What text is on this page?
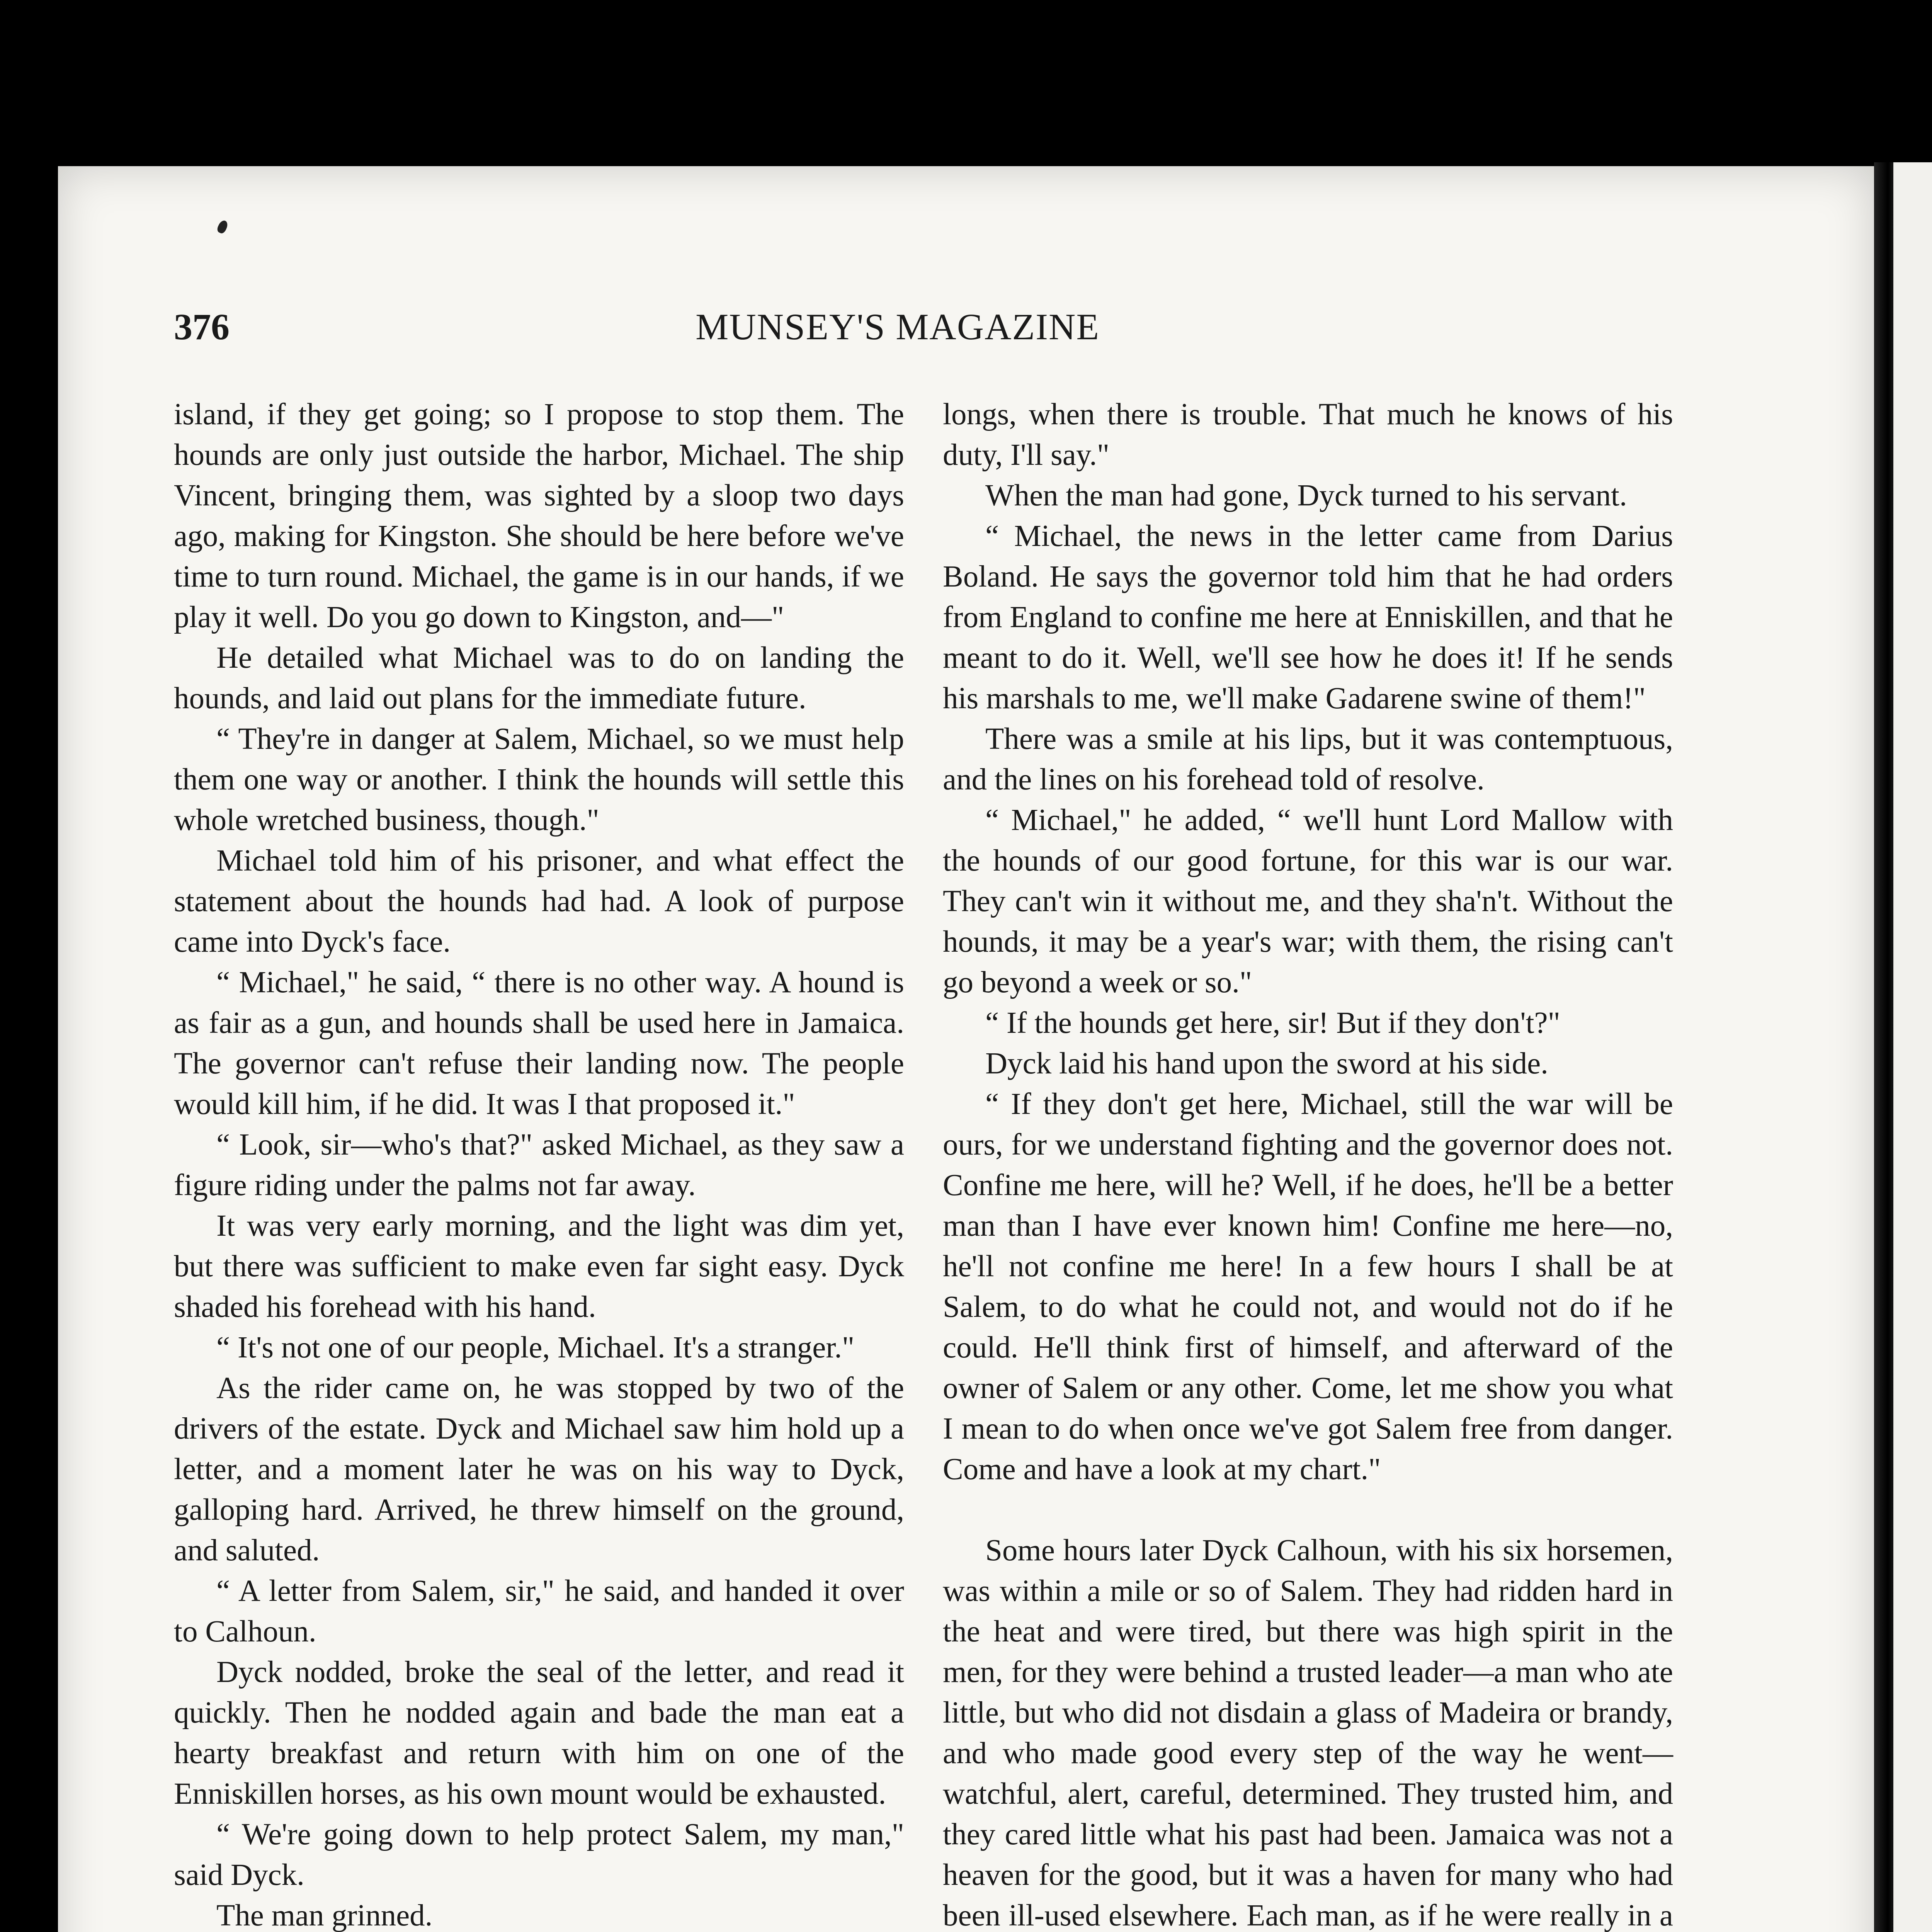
376	MUNSEY'S MAGAZINE

island, if they get going; so I propose to stop them. The hounds are only just outside the harbor, Michael. The ship Vincent, bringing them, was sighted by a sloop two days ago, making for Kingston. She should be here before we've time to turn round. Michael, the game is in our hands, if we play it well. Do you go down to Kingston, and—"

He detailed what Michael was to do on landing the hounds, and laid out plans for the immediate future.

“ They're in danger at Salem, Michael, so we must help them one way or another. I think the hounds will settle this whole wretched business, though."

Michael told him of his prisoner, and what effect the statement about the hounds had had. A look of purpose came into Dyck's face.

“ Michael," he said, “ there is no other way. A hound is as fair as a gun, and hounds shall be used here in Jamaica. The governor can't refuse their landing now. The people would kill him, if he did. It was I that proposed it."

“ Look, sir—who's that?" asked Michael, as they saw a figure riding under the palms not far away.

It was very early morning, and the light was dim yet, but there was sufficient to make even far sight easy. Dyck shaded his forehead with his hand.

“ It's not one of our people, Michael. It's a stranger."

As the rider came on, he was stopped by two of the drivers of the estate. Dyck and Michael saw him hold up a letter, and a moment later he was on his way to Dyck, galloping hard. Arrived, he threw himself on the ground, and saluted.

“ A letter from Salem, sir," he said, and handed it over to Calhoun.

Dyck nodded, broke the seal of the letter, and read it quickly. Then he nodded again and bade the man eat a hearty breakfast and return with him on one of the Enniskillen horses, as his own mount would be exhausted.

“ We're going down to help protect Salem, my man," said Dyck.

The man grinned.

longs, when there is trouble. That much he knows of his duty, I'll say."

When the man had gone, Dyck turned to his servant.

“ Michael, the news in the letter came from Darius Boland. He says the governor told him that he had orders from England to confine me here at Enniskillen, and that he meant to do it. Well, we'll see how he does it! If he sends his marshals to me, we'll make Gadarene swine of them!"

There was a smile at his lips, but it was contemptuous, and the lines on his forehead told of resolve.

“ Michael," he added, “ we'll hunt Lord Mallow with the hounds of our good fortune, for this war is our war. They can't win it without me, and they sha'n't. Without the hounds, it may be a year's war; with them, the rising can't go beyond a week or so."

“ If the hounds get here, sir! But if they don't?"

Dyck laid his hand upon the sword at his side.

“ If they don't get here, Michael, still the war will be ours, for we understand fighting and the governor does not. Confine me here, will he? Well, if he does, he'll be a better man than I have ever known him! Confine me here—no, he'll not confine me here! In a few hours I shall be at Salem, to do what he could not, and would not do if he could. He'll think first of himself, and afterward of the owner of Salem or any other. Come, let me show you what I mean to do when once we've got Salem free from danger. Come and have a look at my chart."

Some hours later Dyck Calhoun, with his six horsemen, was within a mile or so of Salem. They had ridden hard in the heat and were tired, but there was high spirit in the men, for they were behind a trusted leader—a man who ate little, but who did not disdain a glass of Madeira or brandy, and who made good every step of the way he went—watchful, alert, careful, determined. They trusted him, and they cared little what his past had been. Jamaica was not a heaven for the good, but it was a haven for many who had been ill-used elsewhere. Each man, as if he were really in a
